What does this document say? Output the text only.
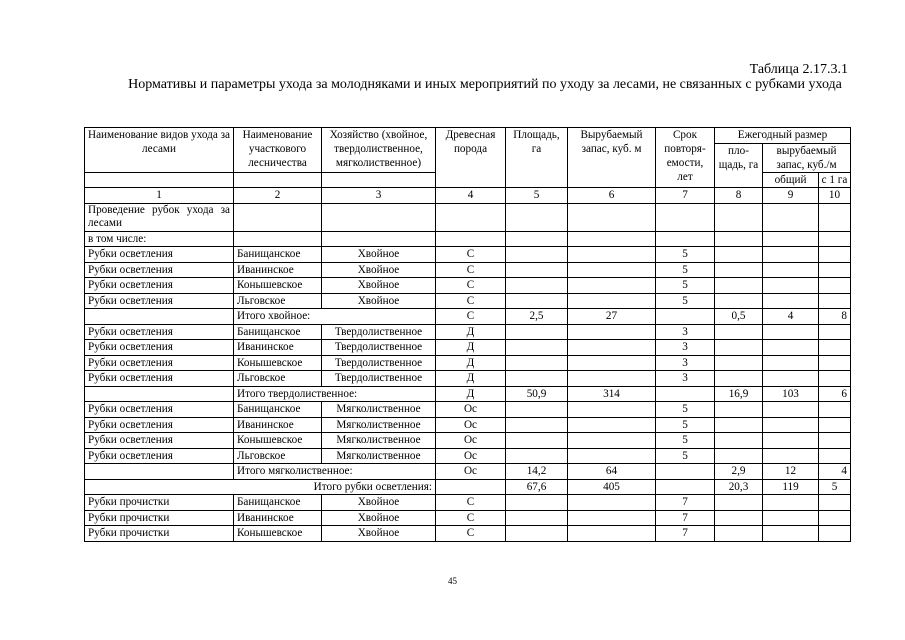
Таблица 2.17.3.1
Нормативы и параметры ухода за молодняками и иных мероприятий по уходу за лесами, не связанных с рубками ухода
Наименование видов ухода за лесами	Наименование участкового лесничества	Хозяйство (хвойное, твердолиственное, мягколиственное)	Древесная порода	Площадь, га	Вырубаемый запас, куб. м	Срок повторя-емости, лет	Ежегодный размер		
							пло-щадь, га	вырубаемый запас, куб./м	
								общий	с 1 га
1	2	3	4	5	6	7	8	9	10
Проведение рубок ухода за лесами									
в том числе:									
Рубки осветления	Банищанское	Хвойное	С			5			
Рубки осветления	Иванинское	Хвойное	С			5			
Рубки осветления	Конышевское	Хвойное	С			5			
Рубки осветления	Льговское	Хвойное	С			5			
	Итого хвойное:		С	2,5	27		0,5	4	8
Рубки осветления	Банищанское	Твердолиственное	Д			3			
Рубки осветления	Иванинское	Твердолиственное	Д			3			
Рубки осветления	Конышевское	Твердолиственное	Д			3			
Рубки осветления	Льговское	Твердолиственное	Д			3			
	Итого твердолиственное:		Д	50,9	314		16,9	103	6
Рубки осветления	Банищанское	Мягколиственное	Ос			5			
Рубки осветления	Иванинское	Мягколиственное	Ос			5			
Рубки осветления	Конышевское	Мягколиственное	Ос			5			
Рубки осветления	Льговское	Мягколиственное	Ос			5			
	Итого мягколиственное:		Ос	14,2	64		2,9	12	4
Итого рубки осветления:				67,6	405		20,3	119	5
Рубки прочистки	Банищанское	Хвойное	С			7			
Рубки прочистки	Иванинское	Хвойное	С			7			
Рубки прочистки	Конышевское	Хвойное	С			7			
45
